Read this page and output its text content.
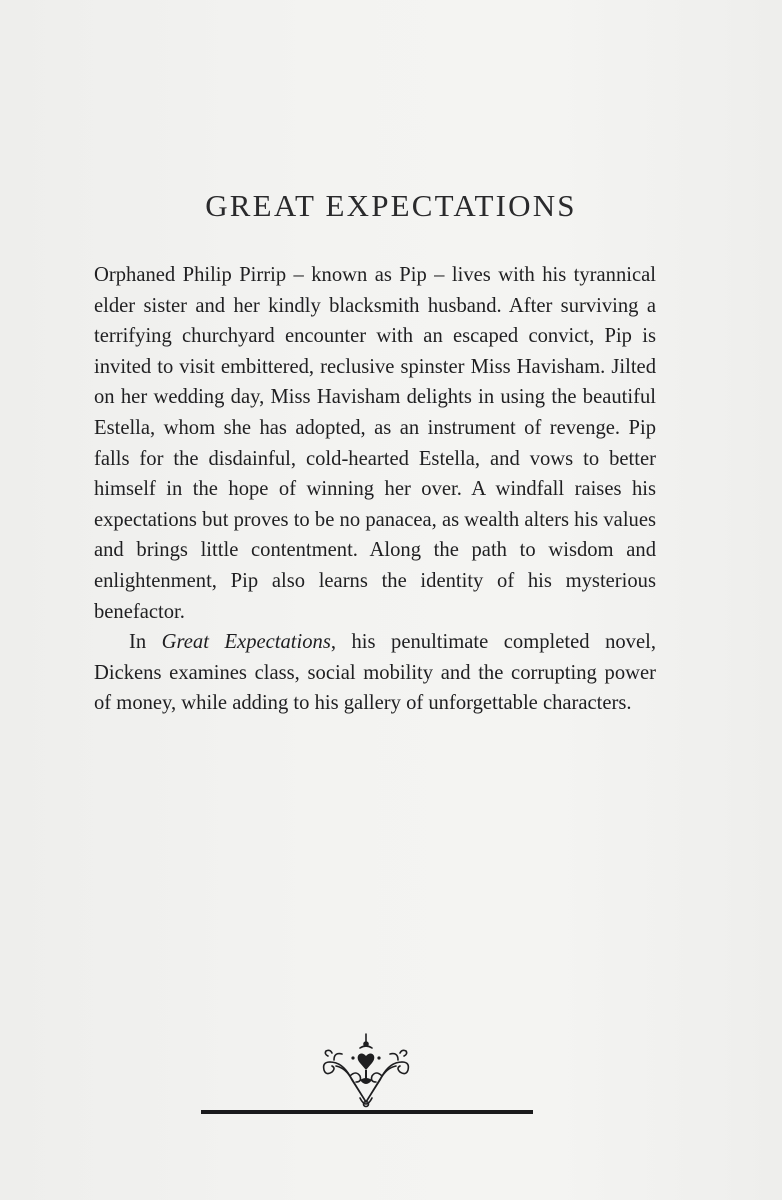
GREAT EXPECTATIONS

Orphaned Philip Pirrip – known as Pip – lives with his tyrannical elder sister and her kindly blacksmith husband. After surviving a terrifying churchyard encounter with an escaped convict, Pip is invited to visit embittered, reclusive spinster Miss Havisham. Jilted on her wedding day, Miss Havisham delights in using the beautiful Estella, whom she has adopted, as an instrument of revenge. Pip falls for the disdainful, cold-hearted Estella, and vows to better himself in the hope of winning her over. A windfall raises his expectations but proves to be no panacea, as wealth alters his values and brings little contentment. Along the path to wisdom and enlightenment, Pip also learns the identity of his mysterious benefactor.

In Great Expectations, his penultimate completed novel, Dickens examines class, social mobility and the corrupting power of money, while adding to his gallery of unforgettable characters.
